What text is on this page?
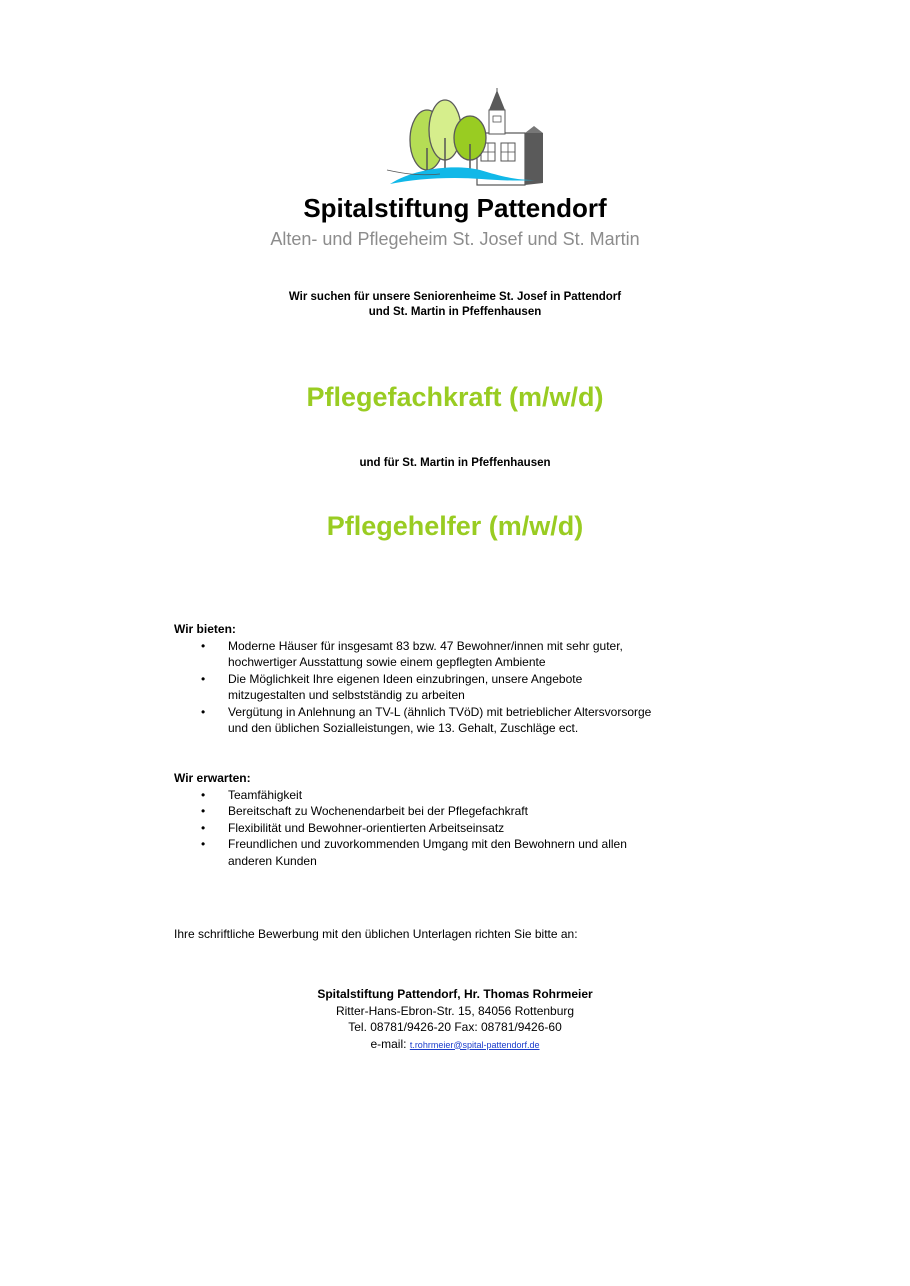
Spitalstiftung Pattendorf
Alten- und Pflegeheim St. Josef und St. Martin
Wir suchen für unsere Seniorenheime St. Josef in Pattendorf
und St. Martin in Pfeffenhausen
Pflegefachkraft (m/w/d)
und für St. Martin in Pfeffenhausen
Pflegehelfer (m/w/d)
Wir bieten:
• Moderne Häuser für insgesamt 83 bzw. 47 Bewohner/innen mit sehr guter,
hochwertiger Ausstattung sowie einem gepflegten Ambiente
• Die Möglichkeit Ihre eigenen Ideen einzubringen, unsere Angebote
mitzugestalten und selbstständig zu arbeiten
• Vergütung in Anlehnung an TV-L (ähnlich TVöD) mit betrieblicher Altersvorsorge
und den üblichen Sozialleistungen, wie 13. Gehalt, Zuschläge ect.
Wir erwarten:
• Teamfähigkeit
• Bereitschaft zu Wochenendarbeit bei der Pflegefachkraft
• Flexibilität und Bewohner-orientierten Arbeitseinsatz
• Freundlichen und zuvorkommenden Umgang mit den Bewohnern und allen
anderen Kunden
Ihre schriftliche Bewerbung mit den üblichen Unterlagen richten Sie bitte an:
Spitalstiftung Pattendorf, Hr. Thomas Rohrmeier
Ritter-Hans-Ebron-Str. 15, 84056 Rottenburg
Tel. 08781/9426-20 Fax: 08781/9426-60
e-mail: t.rohrmeier@spital-pattendorf.de
